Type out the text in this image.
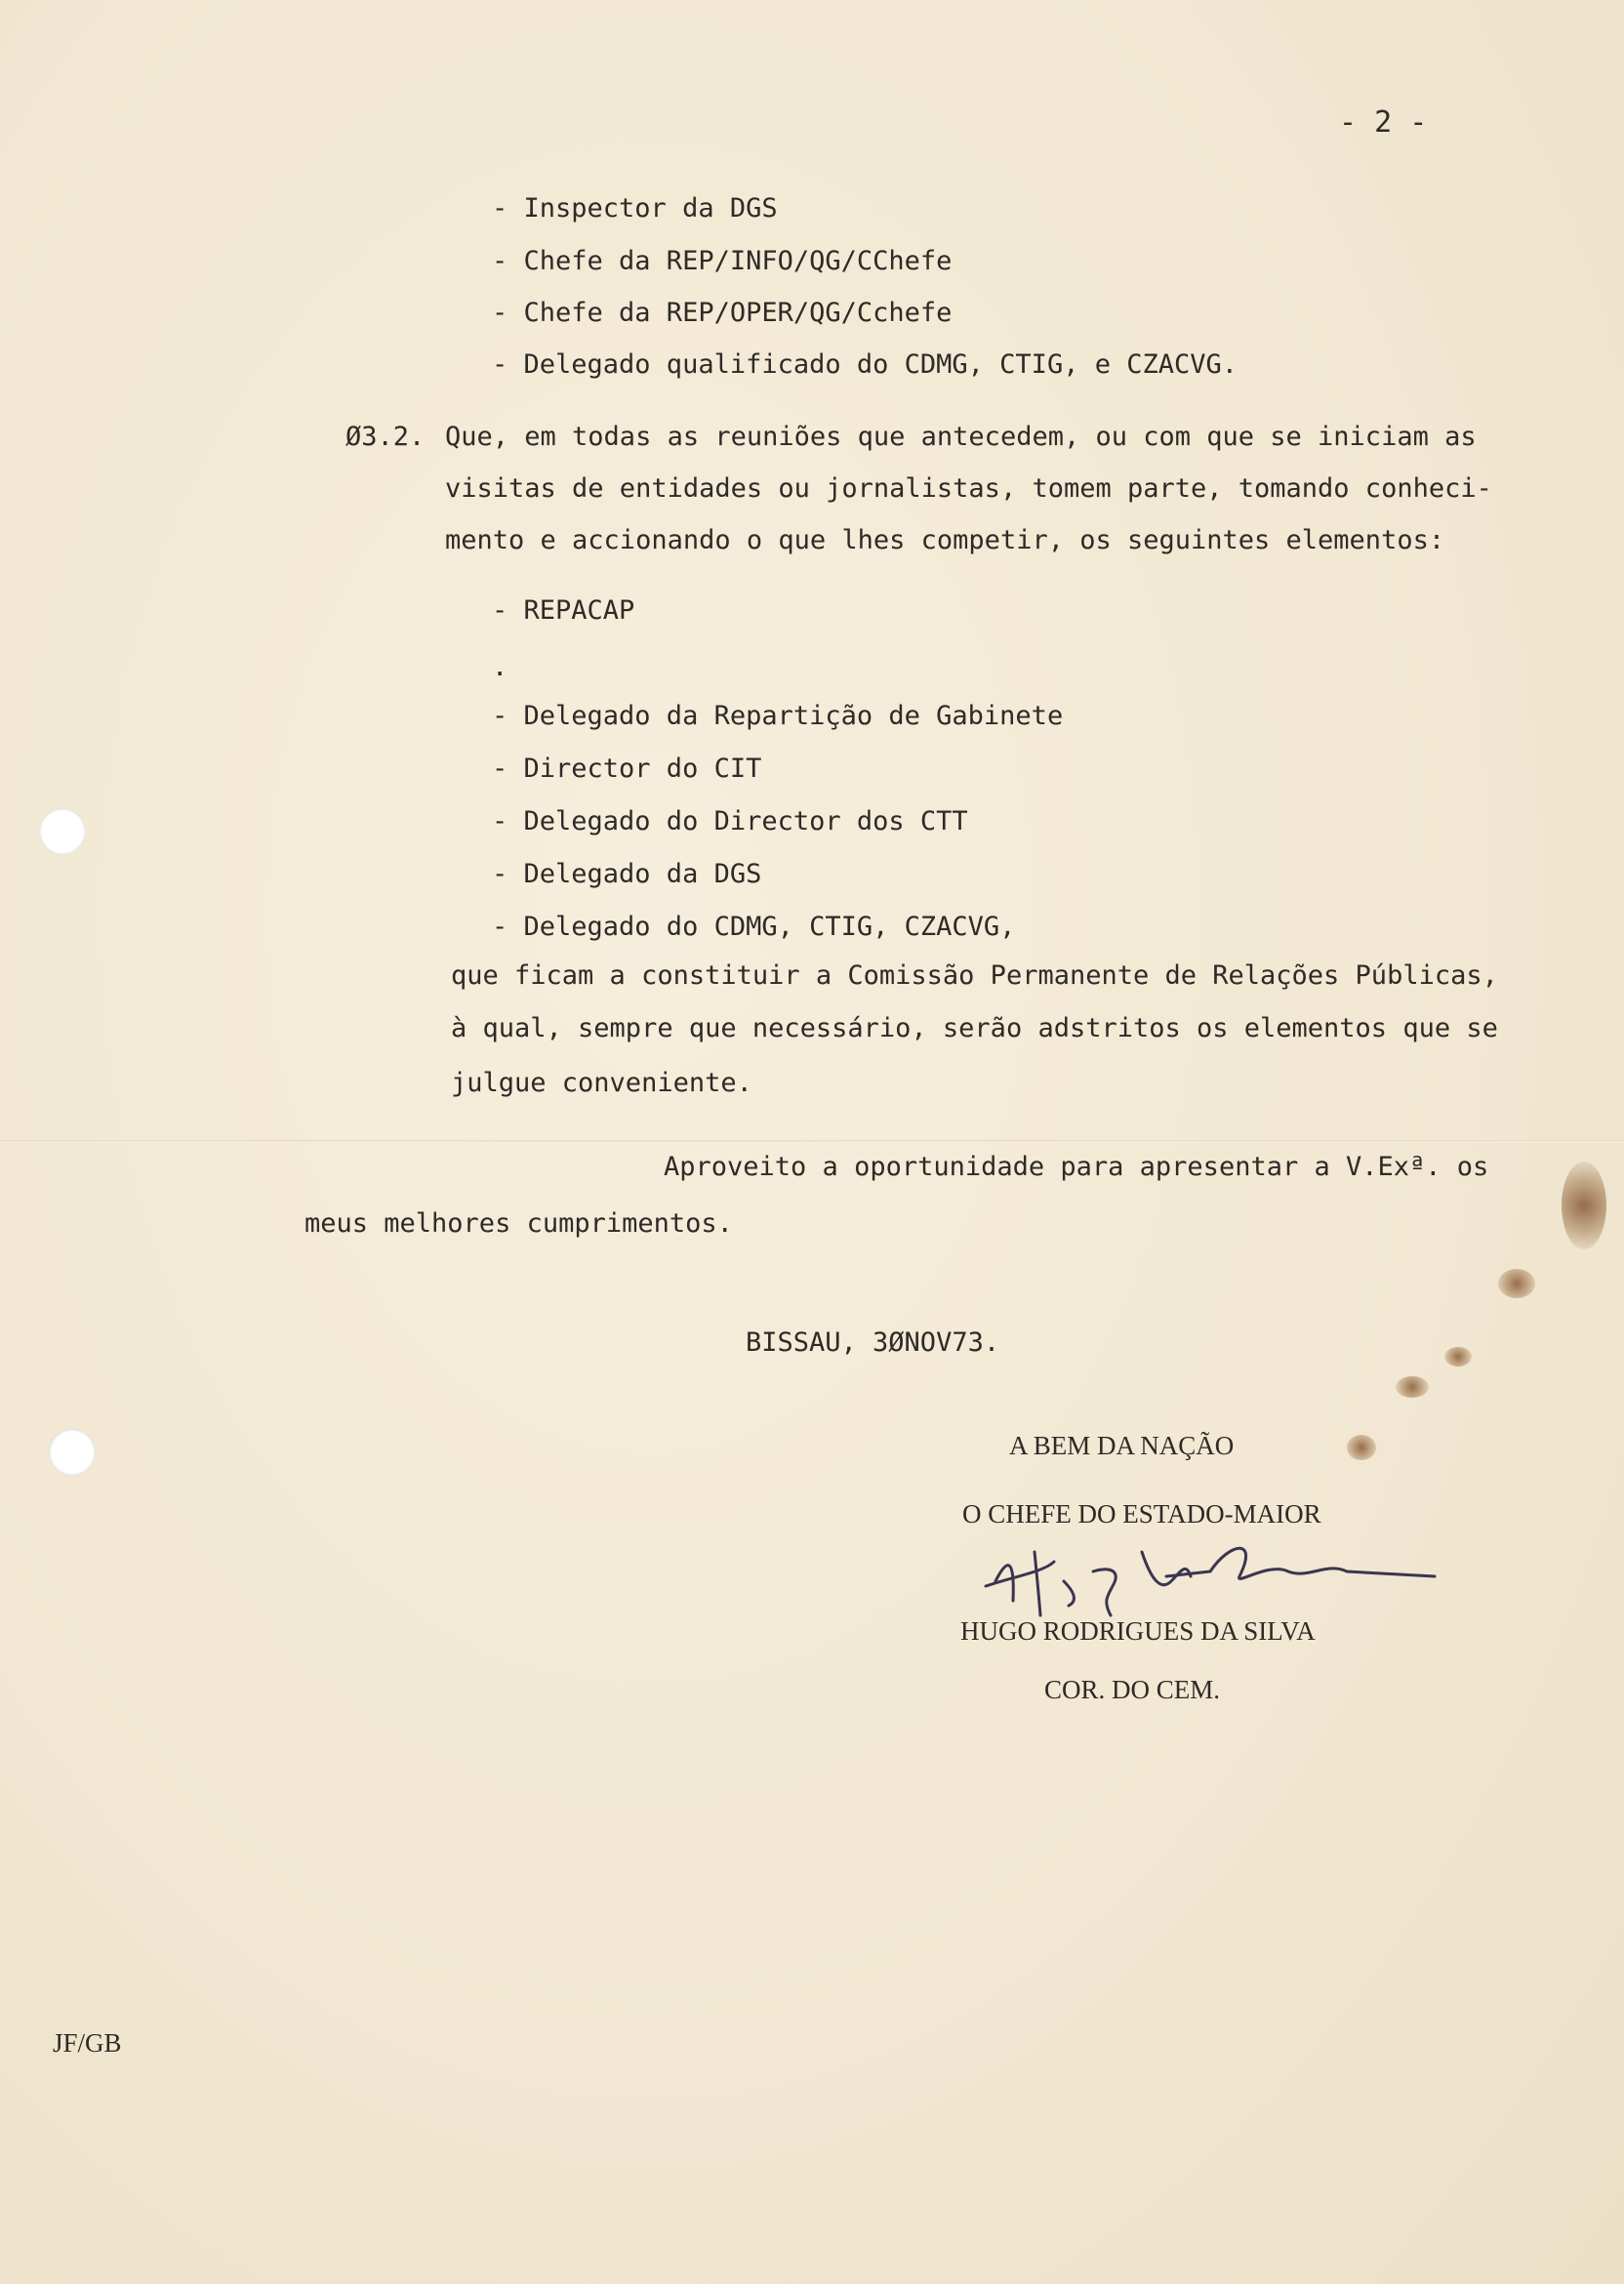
- 2 -
- Inspector da DGS
- Chefe da REP/INFO/QG/CChefe
- Chefe da REP/OPER/QG/Cchefe
- Delegado qualificado do CDMG, CTIG, e CZACVG.
Ø3.2. Que, em todas as reuniões que antecedem, ou com que se iniciam as
visitas de entidades ou jornalistas, tomem parte, tomando conheci-
mento e accionando o que lhes competir, os seguintes elementos:
- REPACAP
.
- Delegado da Repartição de Gabinete
- Director do CIT
- Delegado do Director dos CTT
- Delegado da DGS
- Delegado do CDMG, CTIG, CZACVG,
que ficam a constituir a Comissão Permanente de Relações Públicas,
à qual, sempre que necessário, serão adstritos os elementos que se
julgue conveniente.
Aproveito a oportunidade para apresentar a V.Exª. os
meus melhores cumprimentos.
BISSAU, 3ØNOV73.
A BEM DA NAÇÃO
O CHEFE DO ESTADO-MAIOR
HUGO RODRIGUES DA SILVA
COR. DO CEM.
JF/GB
